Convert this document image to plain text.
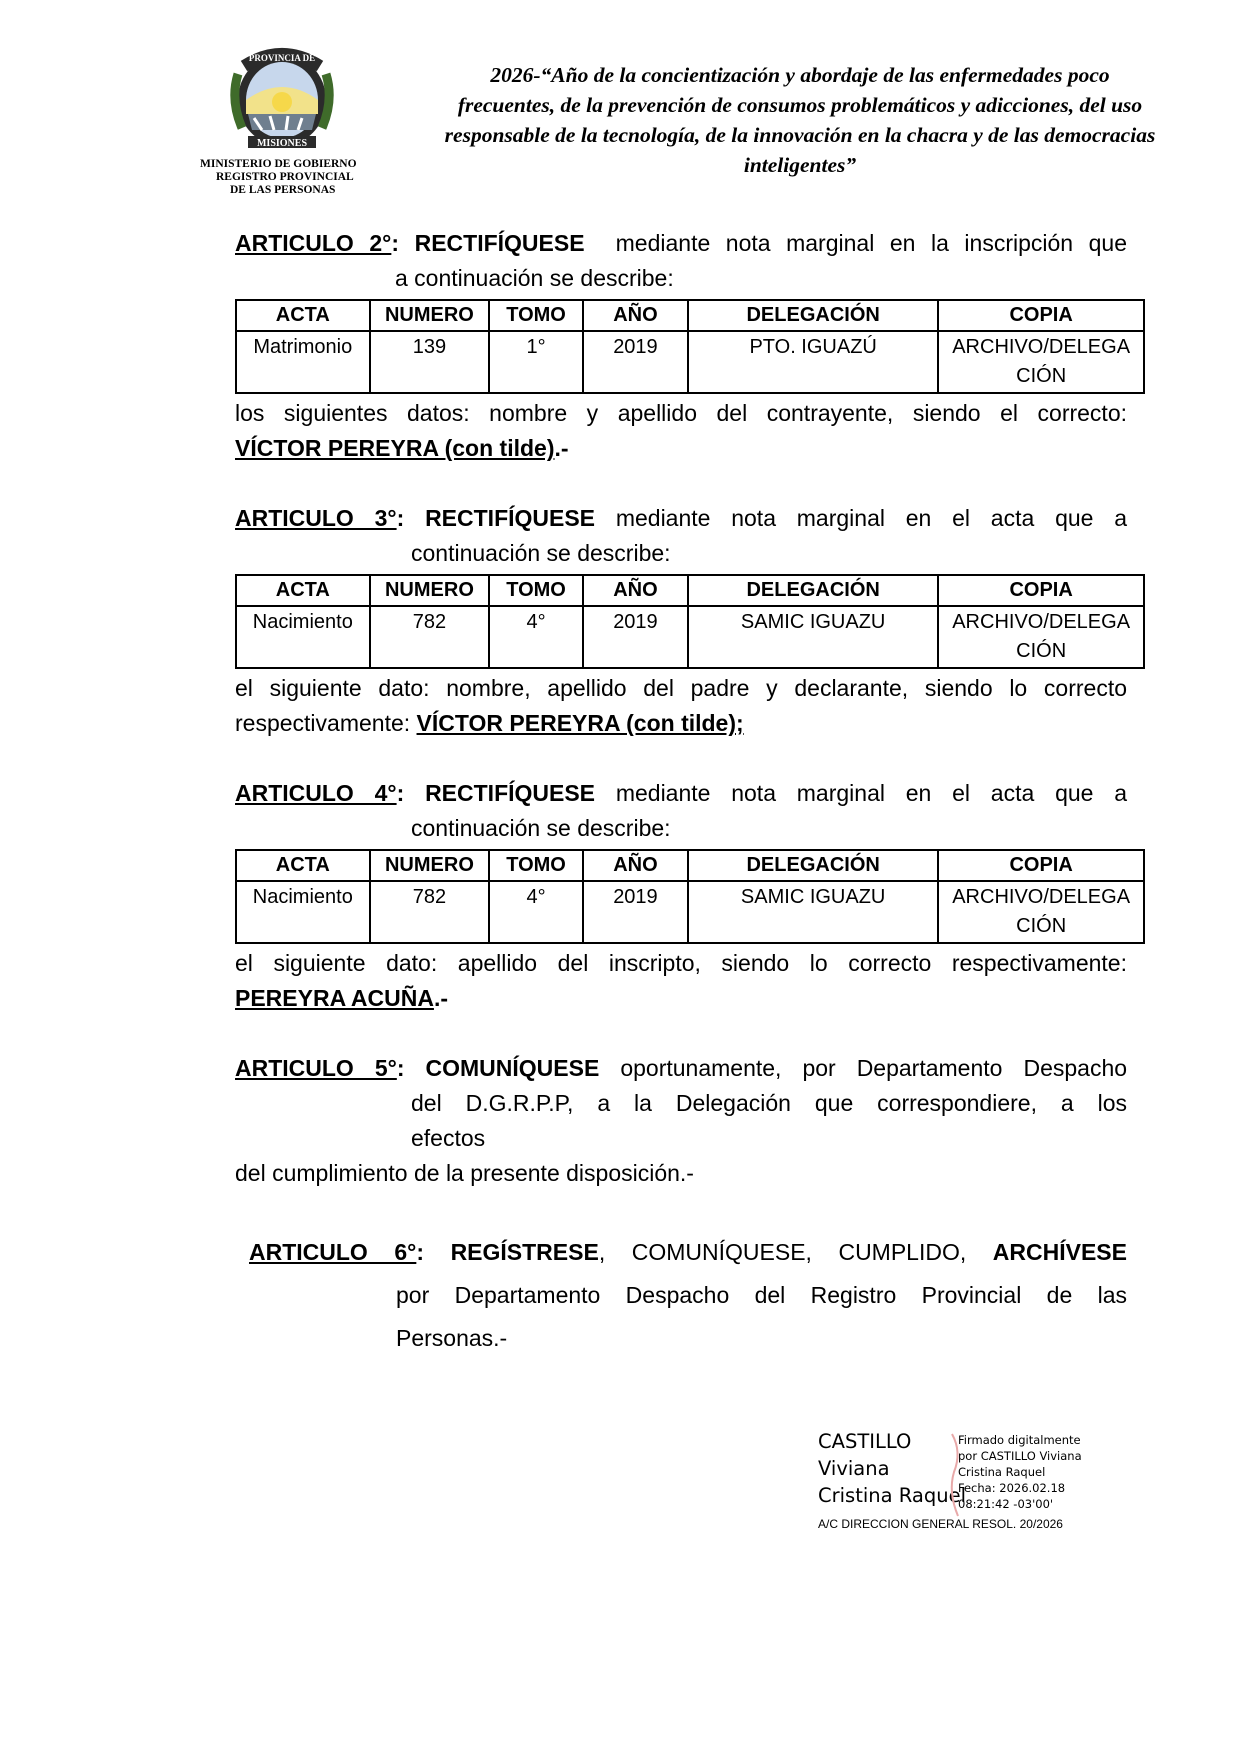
PROVINCIA DE
MISIONES
MINISTERIO DE GOBIERNO
REGISTRO PROVINCIAL
DE LAS PERSONAS
2026-“Año de la concientización y abordaje de las enfermedades poco
frecuentes, de la prevención de consumos problemáticos y adicciones, del uso
responsable de la tecnología, de la innovación en la chacra y de las democracias
inteligentes”
ARTICULO 2°: RECTIFÍQUESE mediante nota marginal en la inscripción que
a continuación se describe:
ACTA	NUMERO	TOMO	AÑO	DELEGACIÓN	COPIA
Matrimonio	139	1°	2019	PTO. IGUAZÚ	ARCHIVO/DELEGA CIÓN
los siguientes datos: nombre y apellido del contrayente, siendo el correcto:
VÍCTOR PEREYRA (con tilde).-
ARTICULO 3°: RECTIFÍQUESE mediante nota marginal en el acta que a
continuación se describe:
ACTA	NUMERO	TOMO	AÑO	DELEGACIÓN	COPIA
Nacimiento	782	4°	2019	SAMIC IGUAZU	ARCHIVO/DELEGA CIÓN
el siguiente dato: nombre, apellido del padre y declarante, siendo lo correcto
respectivamente: VÍCTOR PEREYRA (con tilde);
ARTICULO 4°: RECTIFÍQUESE mediante nota marginal en el acta que a
continuación se describe:
ACTA	NUMERO	TOMO	AÑO	DELEGACIÓN	COPIA
Nacimiento	782	4°	2019	SAMIC IGUAZU	ARCHIVO/DELEGA CIÓN
el siguiente dato: apellido del inscripto, siendo lo correcto respectivamente:
PEREYRA ACUÑA.-
ARTICULO 5°: COMUNÍQUESE oportunamente, por Departamento Despacho
del D.G.R.P.P, a la Delegación que correspondiere, a los
efectos
del cumplimiento de la presente disposición.-
ARTICULO 6°: REGÍSTRESE, COMUNÍQUESE, CUMPLIDO, ARCHÍVESE
por Departamento Despacho del Registro Provincial de las
Personas.-
CASTILLO
Viviana
Cristina Raquel
Firmado digitalmente
por CASTILLO Viviana
Cristina Raquel
Fecha: 2026.02.18
08:21:42 -03'00'
A/C DIRECCION GENERAL RESOL. 20/2026
